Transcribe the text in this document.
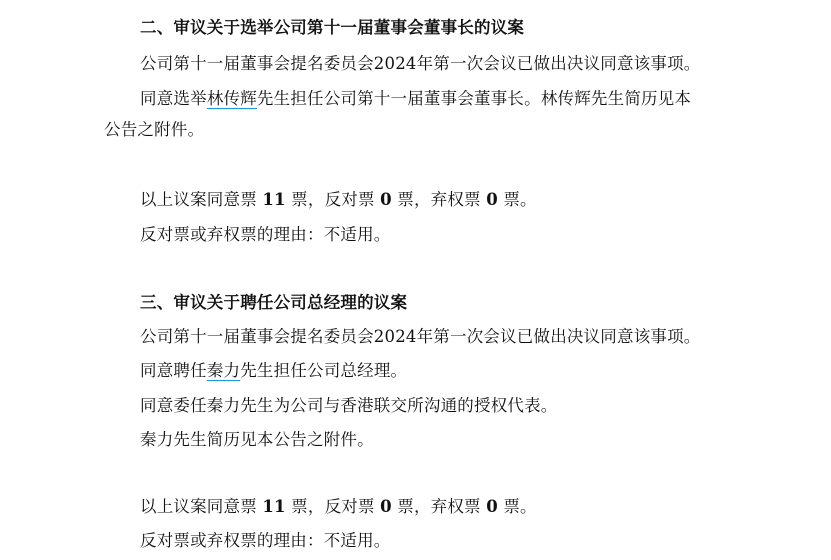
二、审议关于选举公司第十一届董事会董事长的议案
公司第十一届董事会提名委员会2024年第一次会议已做出决议同意该事项。
同意选举林传辉先生担任公司第十一届董事会董事长。林传辉先生简历见本
公告之附件。
以上议案同意票 11 票，反对票 0 票，弃权票 0 票。
反对票或弃权票的理由：不适用。
三、审议关于聘任公司总经理的议案
公司第十一届董事会提名委员会2024年第一次会议已做出决议同意该事项。
同意聘任秦力先生担任公司总经理。
同意委任秦力先生为公司与香港联交所沟通的授权代表。
秦力先生简历见本公告之附件。
以上议案同意票 11 票，反对票 0 票，弃权票 0 票。
反对票或弃权票的理由：不适用。
